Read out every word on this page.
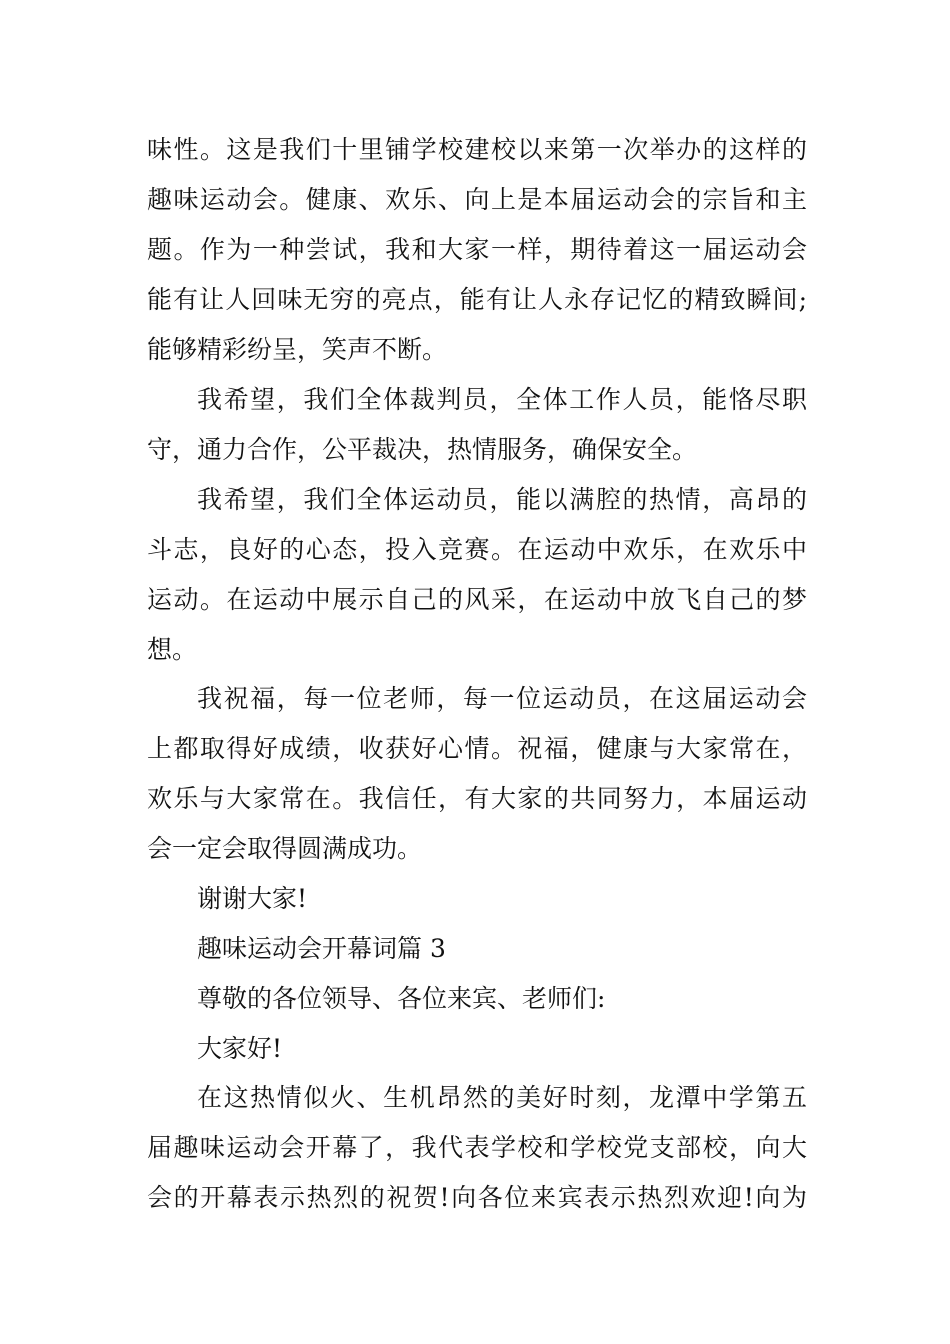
味性。这是我们十里铺学校建校以来第一次举办的这样的
趣味运动会。健康、欢乐、向上是本届运动会的宗旨和主
题。作为一种尝试，我和大家一样，期待着这一届运动会
能有让人回味无穷的亮点，能有让人永存记忆的精致瞬间;
能够精彩纷呈，笑声不断。
我希望，我们全体裁判员，全体工作人员，能恪尽职
守，通力合作，公平裁决，热情服务，确保安全。
我希望，我们全体运动员，能以满腔的热情，高昂的
斗志，良好的心态，投入竞赛。在运动中欢乐，在欢乐中
运动。在运动中展示自己的风采，在运动中放飞自己的梦
想。
我祝福，每一位老师，每一位运动员，在这届运动会
上都取得好成绩，收获好心情。祝福，健康与大家常在，
欢乐与大家常在。我信任，有大家的共同努力，本届运动
会一定会取得圆满成功。
谢谢大家!
趣味运动会开幕词篇 3
尊敬的各位领导、各位来宾、老师们:
大家好!
在这热情似火、生机昂然的美好时刻，龙潭中学第五
届趣味运动会开幕了，我代表学校和学校党支部校，向大
会的开幕表示热烈的祝贺!向各位来宾表示热烈欢迎!向为
